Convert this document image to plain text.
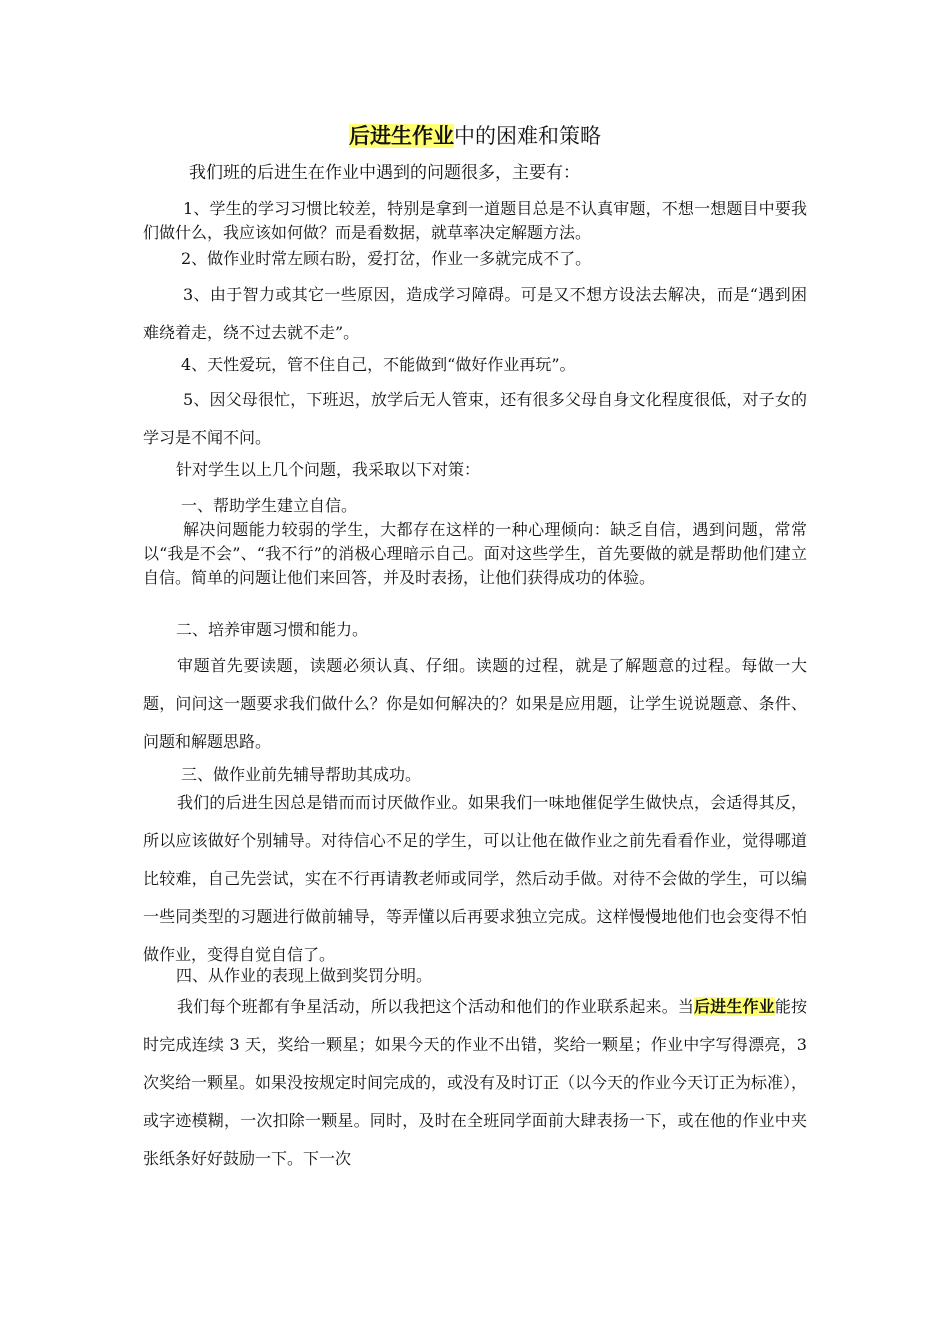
后进生作业中的困难和策略

我们班的后进生在作业中遇到的问题很多，主要有：

1、学生的学习习惯比较差，特别是拿到一道题目总是不认真审题，不想一想题目中要我们做什么，我应该如何做？而是看数据，就草率决定解题方法。

2、做作业时常左顾右盼，爱打岔，作业一多就完成不了。

3、由于智力或其它一些原因，造成学习障碍。可是又不想方设法去解决，而是“遇到困难绕着走，绕不过去就不走”。

4、天性爱玩，管不住自己，不能做到“做好作业再玩”。

5、因父母很忙，下班迟，放学后无人管束，还有很多父母自身文化程度很低，对子女的学习是不闻不问。

针对学生以上几个问题，我采取以下对策：

一、帮助学生建立自信。

解决问题能力较弱的学生，大都存在这样的一种心理倾向：缺乏自信，遇到问题，常常以“我是不会”、“我不行”的消极心理暗示自己。面对这些学生，首先要做的就是帮助他们建立自信。简单的问题让他们来回答，并及时表扬，让他们获得成功的体验。

二、培养审题习惯和能力。

审题首先要读题，读题必须认真、仔细。读题的过程，就是了解题意的过程。每做一大题，问问这一题要求我们做什么？你是如何解决的？如果是应用题，让学生说说题意、条件、问题和解题思路。

三、做作业前先辅导帮助其成功。

我们的后进生因总是错而而讨厌做作业。如果我们一味地催促学生做快点，会适得其反，所以应该做好个别辅导。对待信心不足的学生，可以让他在做作业之前先看看作业，觉得哪道比较难，自己先尝试，实在不行再请教老师或同学，然后动手做。对待不会做的学生，可以编一些同类型的习题进行做前辅导，等弄懂以后再要求独立完成。这样慢慢地他们也会变得不怕做作业，变得自觉自信了。

四、从作业的表现上做到奖罚分明。

我们每个班都有争星活动，所以我把这个活动和他们的作业联系起来。当后进生作业能按时完成连续 3 天，奖给一颗星；如果今天的作业不出错，奖给一颗星；作业中字写得漂亮，3 次奖给一颗星。如果没按规定时间完成的，或没有及时订正（以今天的作业今天订正为标准），或字迹模糊，一次扣除一颗星。同时，及时在全班同学面前大肆表扬一下，或在他的作业中夹张纸条好好鼓励一下。下一次
